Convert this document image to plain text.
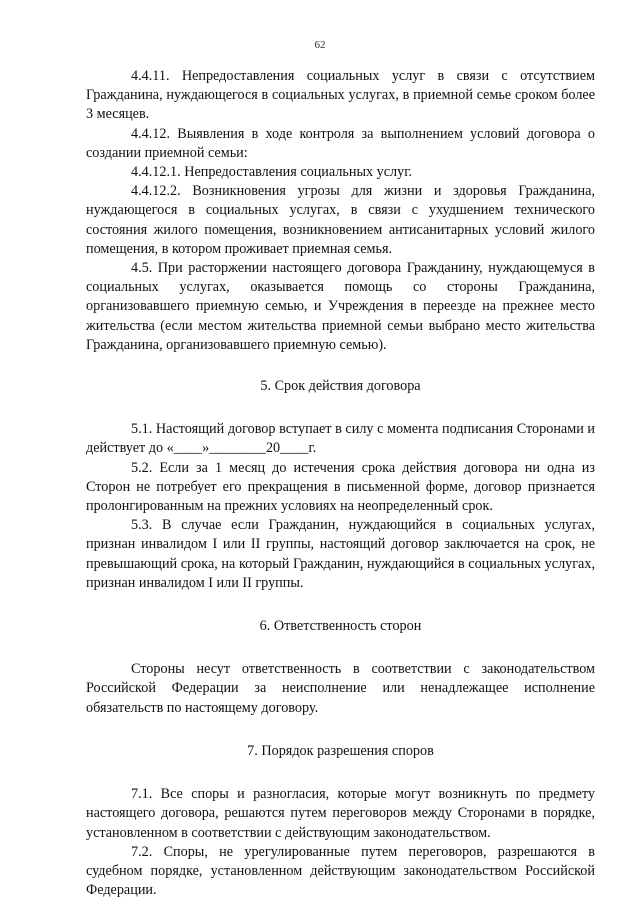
62

4.4.11. Непредоставления социальных услуг в связи с отсутствием Гражданина, нуждающегося в социальных услугах, в приемной семье сроком более 3 месяцев.

4.4.12. Выявления в ходе контроля за выполнением условий договора о создании приемной семьи:

4.4.12.1. Непредоставления социальных услуг.

4.4.12.2. Возникновения угрозы для жизни и здоровья Гражданина, нуждающегося в социальных услугах, в связи с ухудшением технического состояния жилого помещения, возникновением антисанитарных условий жилого помещения, в котором проживает приемная семья.

4.5. При расторжении настоящего договора Гражданину, нуждающемуся в социальных услугах, оказывается помощь со стороны Гражданина, организовавшего приемную семью, и Учреждения в переезде на прежнее место жительства (если местом жительства приемной семьи выбрано место жительства Гражданина, организовавшего приемную семью).

5. Срок действия договора

5.1. Настоящий договор вступает в силу с момента подписания Сторонами и действует до «____»________20____г.

5.2. Если за 1 месяц до истечения срока действия договора ни одна из Сторон не потребует его прекращения в письменной форме, договор признается пролонгированным на прежних условиях на неопределенный срок.

5.3. В случае если Гражданин, нуждающийся в социальных услугах, признан инвалидом I или II группы, настоящий договор заключается на срок, не превышающий срока, на который Гражданин, нуждающийся в социальных услугах, признан инвалидом I или II группы.

6. Ответственность сторон

Стороны несут ответственность в соответствии с законодательством Российской Федерации за неисполнение или ненадлежащее исполнение обязательств по настоящему договору.

7. Порядок разрешения споров

7.1. Все споры и разногласия, которые могут возникнуть по предмету настоящего договора, решаются путем переговоров между Сторонами в порядке, установленном в соответствии с действующим законодательством.

7.2. Споры, не урегулированные путем переговоров, разрешаются в судебном порядке, установленном действующим законодательством Российской Федерации.
